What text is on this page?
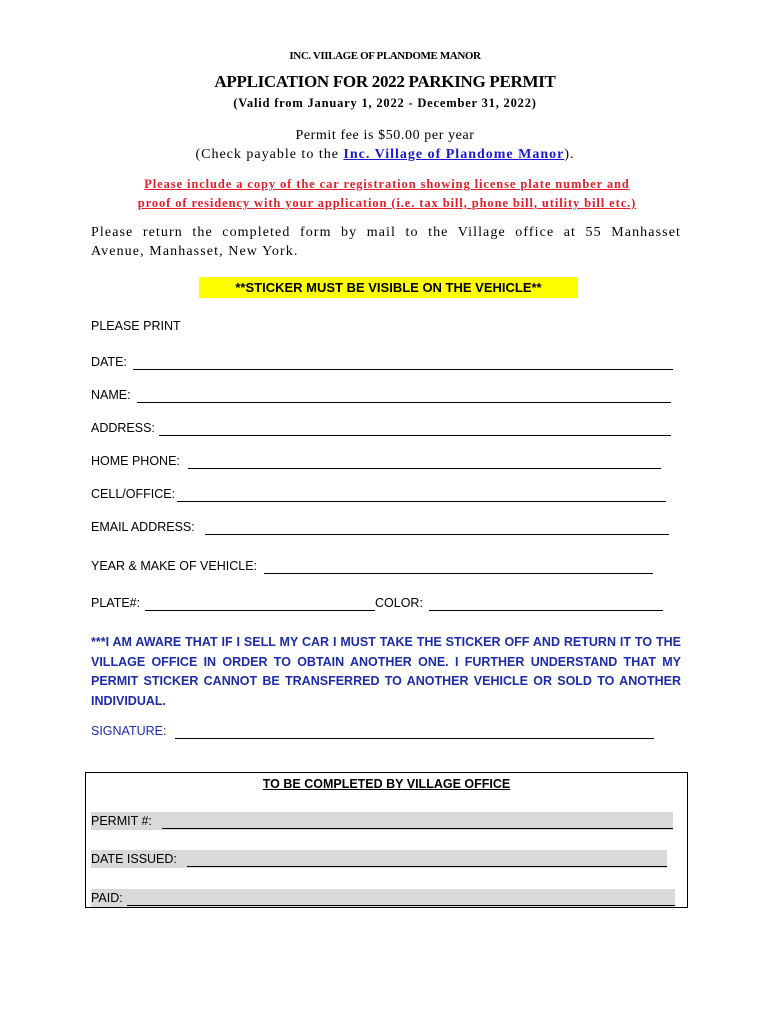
INC. VIILAGE OF PLANDOME MANOR
APPLICATION FOR 2022 PARKING PERMIT
(Valid from January 1, 2022 - December 31, 2022)
Permit fee is $50.00 per year
(Check payable to the Inc. Village of Plandome Manor).
Please include a copy of the car registration showing license plate number and
proof of residency with your application (i.e. tax bill, phone bill, utility bill etc.)
Please return the completed form by mail to the Village office at 55 Manhasset
Avenue, Manhasset, New York.
**STICKER MUST BE VISIBLE ON THE VEHICLE**
PLEASE PRINT
DATE:
NAME:
ADDRESS:
HOME PHONE:
CELL/OFFICE:
EMAIL ADDRESS:
YEAR & MAKE OF VEHICLE:
PLATE#:	COLOR:
***I AM AWARE THAT IF I SELL MY CAR I MUST TAKE THE STICKER OFF AND RETURN IT TO THE VILLAGE OFFICE IN ORDER TO OBTAIN ANOTHER ONE. I FURTHER UNDERSTAND THAT MY PERMIT STICKER CANNOT BE TRANSFERRED TO ANOTHER VEHICLE OR SOLD TO ANOTHER INDIVIDUAL.
SIGNATURE:
TO BE COMPLETED BY VILLAGE OFFICE
PERMIT #:
DATE ISSUED:
PAID:
